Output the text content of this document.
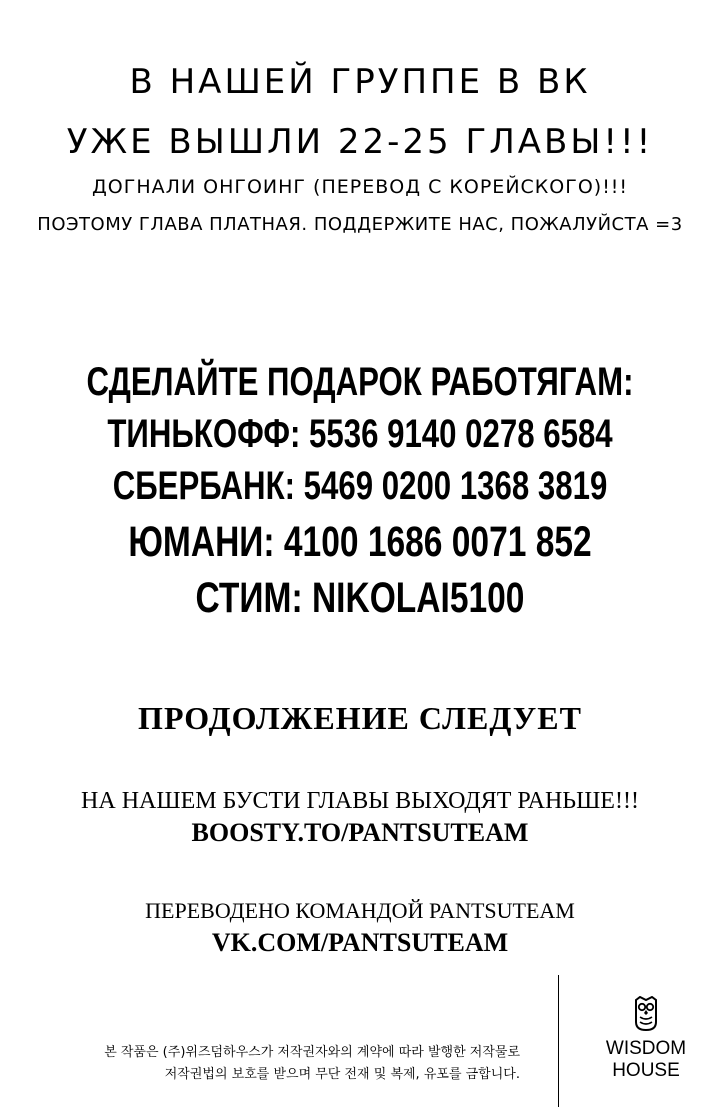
В НАШЕЙ ГРУППЕ В ВК
УЖЕ ВЫШЛИ 22-25 ГЛАВЫ!!!
ДОГНАЛИ ОНГОИНГ (ПЕРЕВОД С КОРЕЙСКОГО)!!!
ПОЭТОМУ ГЛАВА ПЛАТНАЯ. ПОДДЕРЖИТЕ НАС, ПОЖАЛУЙСТА =3
СДЕЛАЙТЕ ПОДАРОК РАБОТЯГАМ:
ТИНЬКОФФ: 5536 9140 0278 6584
СБЕРБАНК: 5469 0200 1368 3819
ЮМАНИ: 4100 1686 0071 852
СТИМ: NIKOLAI5100
ПРОДОЛЖЕНИЕ СЛЕДУЕТ
НА НАШЕМ БУСТИ ГЛАВЫ ВЫХОДЯТ РАНЬШЕ!!!
BOOSTY.TO/PANTSUTEAM
ПЕРЕВОДЕНО КОМАНДОЙ PANTSUTEAM
VK.COM/PANTSUTEAM
본 작품은 (주)위즈덤하우스가 저작권자와의 계약에 따라 발행한 저작물로
저작권법의 보호를 받으며 무단 전재 및 복제, 유포를 금합니다.
WISDOM
HOUSE
